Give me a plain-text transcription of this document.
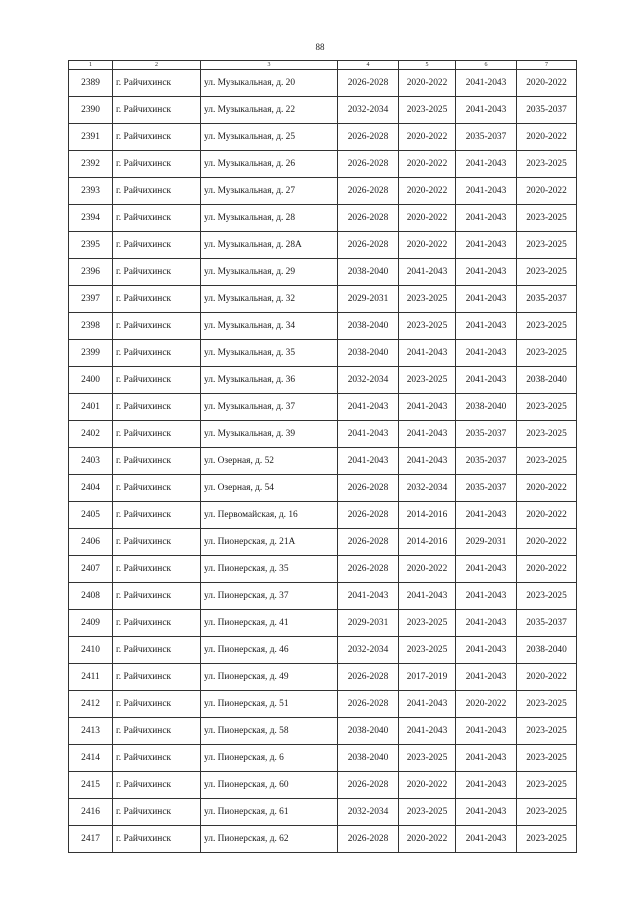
88
1	2	3	4	5	6	7
2389	г. Райчихинск	ул. Музыкальная, д. 20	2026-2028	2020-2022	2041-2043	2020-2022
2390	г. Райчихинск	ул. Музыкальная, д. 22	2032-2034	2023-2025	2041-2043	2035-2037
2391	г. Райчихинск	ул. Музыкальная, д. 25	2026-2028	2020-2022	2035-2037	2020-2022
2392	г. Райчихинск	ул. Музыкальная, д. 26	2026-2028	2020-2022	2041-2043	2023-2025
2393	г. Райчихинск	ул. Музыкальная, д. 27	2026-2028	2020-2022	2041-2043	2020-2022
2394	г. Райчихинск	ул. Музыкальная, д. 28	2026-2028	2020-2022	2041-2043	2023-2025
2395	г. Райчихинск	ул. Музыкальная, д. 28А	2026-2028	2020-2022	2041-2043	2023-2025
2396	г. Райчихинск	ул. Музыкальная, д. 29	2038-2040	2041-2043	2041-2043	2023-2025
2397	г. Райчихинск	ул. Музыкальная, д. 32	2029-2031	2023-2025	2041-2043	2035-2037
2398	г. Райчихинск	ул. Музыкальная, д. 34	2038-2040	2023-2025	2041-2043	2023-2025
2399	г. Райчихинск	ул. Музыкальная, д. 35	2038-2040	2041-2043	2041-2043	2023-2025
2400	г. Райчихинск	ул. Музыкальная, д. 36	2032-2034	2023-2025	2041-2043	2038-2040
2401	г. Райчихинск	ул. Музыкальная, д. 37	2041-2043	2041-2043	2038-2040	2023-2025
2402	г. Райчихинск	ул. Музыкальная, д. 39	2041-2043	2041-2043	2035-2037	2023-2025
2403	г. Райчихинск	ул. Озерная, д. 52	2041-2043	2041-2043	2035-2037	2023-2025
2404	г. Райчихинск	ул. Озерная, д. 54	2026-2028	2032-2034	2035-2037	2020-2022
2405	г. Райчихинск	ул. Первомайская, д. 16	2026-2028	2014-2016	2041-2043	2020-2022
2406	г. Райчихинск	ул. Пионерская, д. 21А	2026-2028	2014-2016	2029-2031	2020-2022
2407	г. Райчихинск	ул. Пионерская, д. 35	2026-2028	2020-2022	2041-2043	2020-2022
2408	г. Райчихинск	ул. Пионерская, д. 37	2041-2043	2041-2043	2041-2043	2023-2025
2409	г. Райчихинск	ул. Пионерская, д. 41	2029-2031	2023-2025	2041-2043	2035-2037
2410	г. Райчихинск	ул. Пионерская, д. 46	2032-2034	2023-2025	2041-2043	2038-2040
2411	г. Райчихинск	ул. Пионерская, д. 49	2026-2028	2017-2019	2041-2043	2020-2022
2412	г. Райчихинск	ул. Пионерская, д. 51	2026-2028	2041-2043	2020-2022	2023-2025
2413	г. Райчихинск	ул. Пионерская, д. 58	2038-2040	2041-2043	2041-2043	2023-2025
2414	г. Райчихинск	ул. Пионерская, д. 6	2038-2040	2023-2025	2041-2043	2023-2025
2415	г. Райчихинск	ул. Пионерская, д. 60	2026-2028	2020-2022	2041-2043	2023-2025
2416	г. Райчихинск	ул. Пионерская, д. 61	2032-2034	2023-2025	2041-2043	2023-2025
2417	г. Райчихинск	ул. Пионерская, д. 62	2026-2028	2020-2022	2041-2043	2023-2025
